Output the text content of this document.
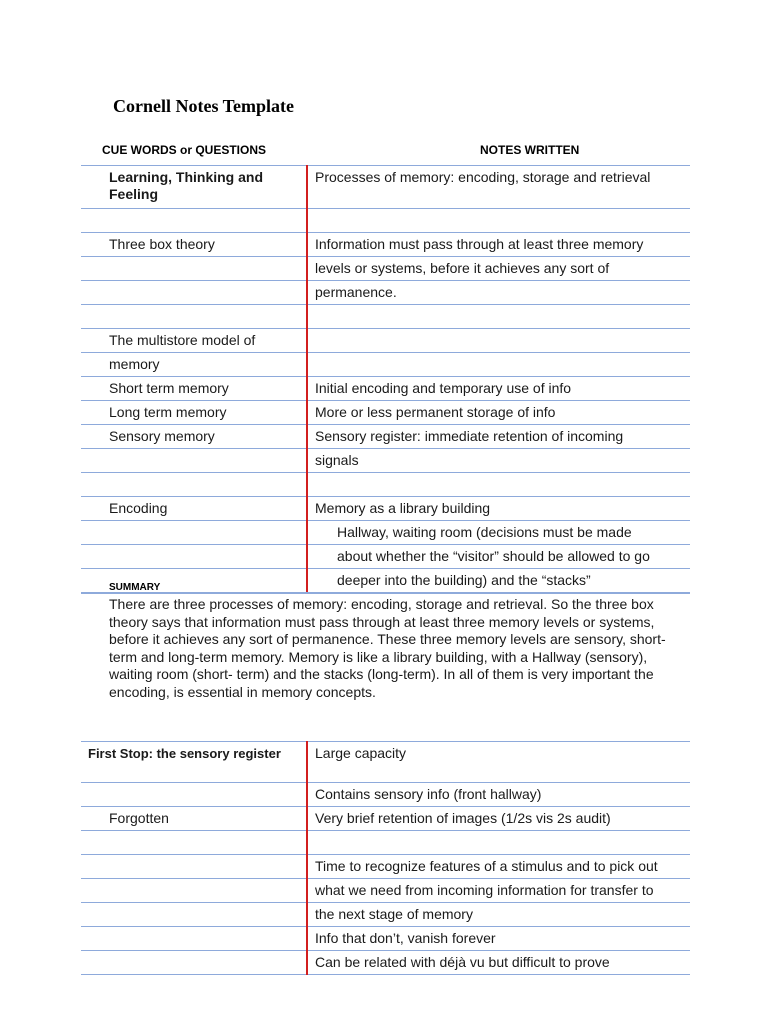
Cornell Notes Template
CUE WORDS or QUESTIONS	NOTES WRITTEN
Learning, Thinking and Feeling	Processes of memory: encoding, storage and retrieval

Three box theory	Information must pass through at least three memory
	levels or systems, before it achieves any sort of
	permanence.

The multistore model of	
memory	
Short term memory	Initial encoding and temporary use of info
Long term memory	More or less permanent storage of info
Sensory memory	Sensory register: immediate retention of incoming
	signals

Encoding	Memory as a library building
	Hallway, waiting room (decisions must be made
	about whether the “visitor” should be allowed to go
	deeper into the building) and the “stacks”
SUMMARY
There are three processes of memory: encoding, storage and retrieval. So the three box theory says that information must pass through at least three memory levels or systems, before it achieves any sort of permanence. These three memory levels are sensory, short-term and long-term memory. Memory is like a library building, with a Hallway (sensory), waiting room (short- term) and the stacks (long-term). In all of them is very important the encoding, is essential in memory concepts.
First Stop: the sensory register	Large capacity
	Contains sensory info (front hallway)
Forgotten	Very brief retention of images (1/2s vis 2s audit)

	Time to recognize features of a stimulus and to pick out
	what we need from incoming information for transfer to
	the next stage of memory
	Info that don’t, vanish forever
	Can be related with déjà vu but difficult to prove
